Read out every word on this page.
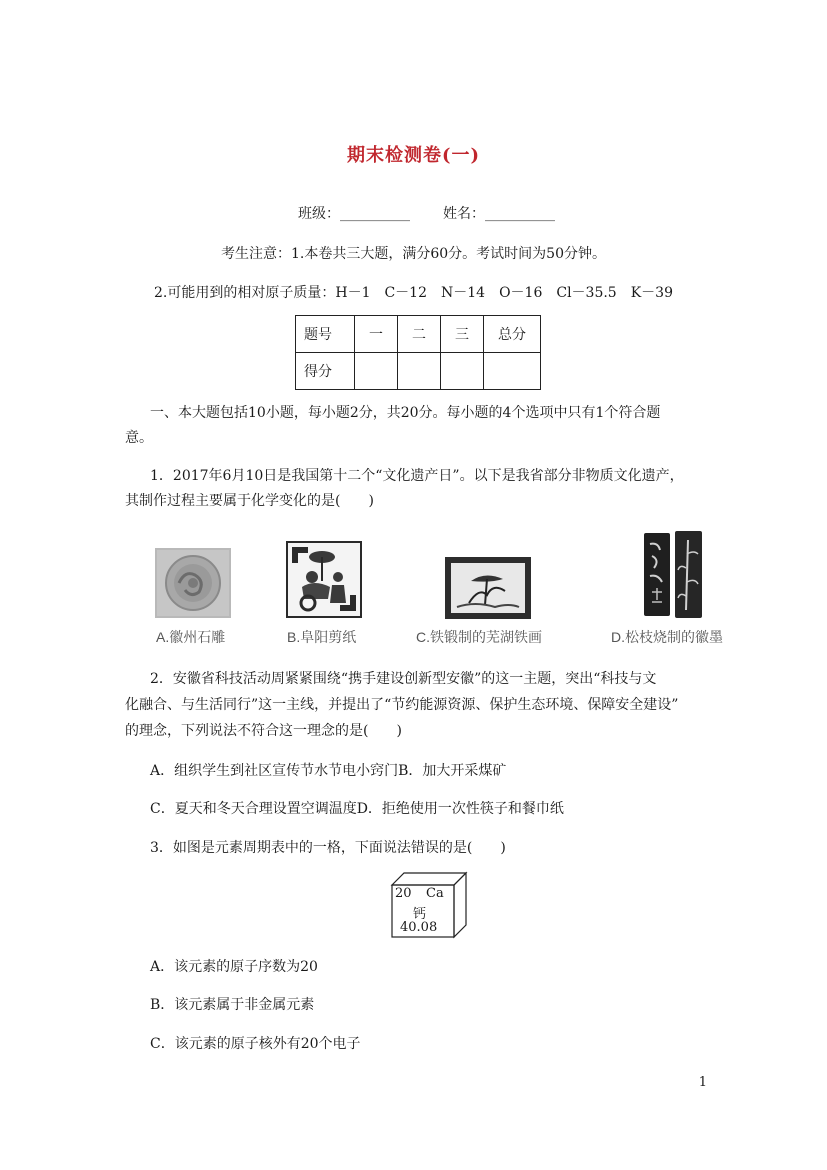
期末检测卷(一)
班级：__________ 姓名：__________
考生注意：1.本卷共三大题，满分60分。考试时间为50分钟。
2.可能用到的相对原子质量：H－1　C－12　N－14　O－16　Cl－35.5　K－39
题号	一	二	三	总分
得分				
一、本大题包括10小题，每小题2分，共20分。每小题的4个选项中只有1个符合题
意。
1．2017年6月10日是我国第十二个“文化遗产日”。以下是我省部分非物质文化遗产，
其制作过程主要属于化学变化的是(　　)
A.徽州石雕	B.阜阳剪纸	C.铁锻制的芜湖铁画	D.松枝烧制的徽墨
2．安徽省科技活动周紧紧围绕“携手建设创新型安徽”的这一主题，突出“科技与文
化融合、与生活同行”这一主线，并提出了“节约能源资源、保护生态环境、保障安全建设”
的理念，下列说法不符合这一理念的是(　　)
A．组织学生到社区宣传节水节电小窍门B．加大开采煤矿
C．夏天和冬天合理设置空调温度D．拒绝使用一次性筷子和餐巾纸
3．如图是元素周期表中的一格，下面说法错误的是(　　)
20 Ca
钙
40.08
A．该元素的原子序数为20
B．该元素属于非金属元素
C．该元素的原子核外有20个电子
1
